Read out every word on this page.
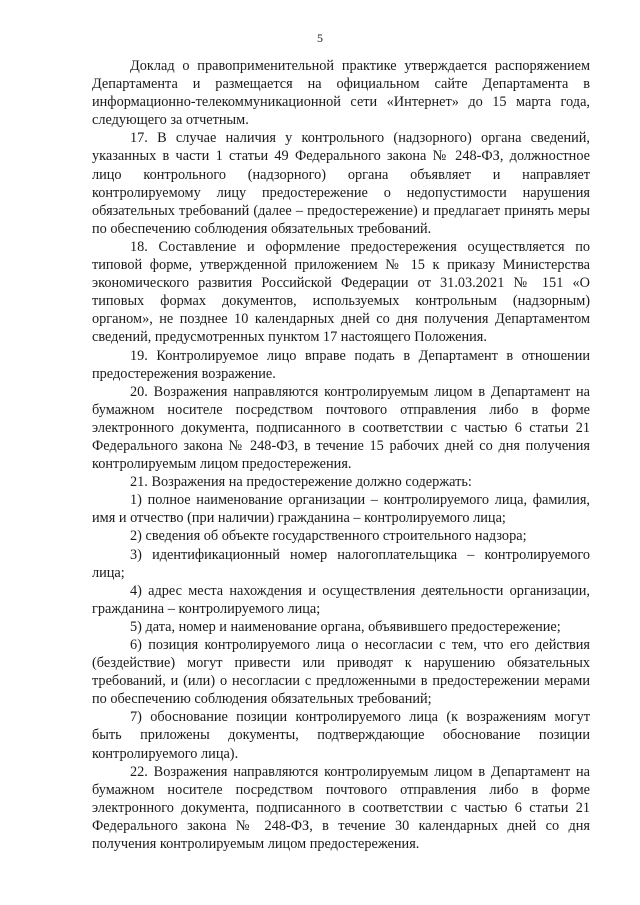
5

Доклад о правоприменительной практике утверждается распоряжением Департамента и размещается на официальном сайте Департамента в информационно-телекоммуникационной сети «Интернет» до 15 марта года, следующего за отчетным.

17. В случае наличия у контрольного (надзорного) органа сведений, указанных в части 1 статьи 49 Федерального закона № 248-ФЗ, должностное лицо контрольного (надзорного) органа объявляет и направляет контролируемому лицу предостережение о недопустимости нарушения обязательных требований (далее – предостережение) и предлагает принять меры по обеспечению соблюдения обязательных требований.

18. Составление и оформление предостережения осуществляется по типовой форме, утвержденной приложением № 15 к приказу Министерства экономического развития Российской Федерации от 31.03.2021 № 151 «О типовых формах документов, используемых контрольным (надзорным) органом», не позднее 10 календарных дней со дня получения Департаментом сведений, предусмотренных пунктом 17 настоящего Положения.

19. Контролируемое лицо вправе подать в Департамент в отношении предостережения возражение.

20. Возражения направляются контролируемым лицом в Департамент на бумажном носителе посредством почтового отправления либо в форме электронного документа, подписанного в соответствии с частью 6 статьи 21 Федерального закона № 248-ФЗ, в течение 15 рабочих дней со дня получения контролируемым лицом предостережения.

21. Возражения на предостережение должно содержать:

1) полное наименование организации – контролируемого лица, фамилия, имя и отчество (при наличии) гражданина – контролируемого лица;

2) сведения об объекте государственного строительного надзора;

3) идентификационный номер налогоплательщика – контролируемого лица;

4) адрес места нахождения и осуществления деятельности организации, гражданина – контролируемого лица;

5) дата, номер и наименование органа, объявившего предостережение;

6) позиция контролируемого лица о несогласии с тем, что его действия (бездействие) могут привести или приводят к нарушению обязательных требований, и (или) о несогласии с предложенными в предостережении мерами по обеспечению соблюдения обязательных требований;

7) обоснование позиции контролируемого лица (к возражениям могут быть приложены документы, подтверждающие обоснование позиции контролируемого лица).

22. Возражения направляются контролируемым лицом в Департамент на бумажном носителе посредством почтового отправления либо в форме электронного документа, подписанного в соответствии с частью 6 статьи 21 Федерального закона № 248-ФЗ, в течение 30 календарных дней со дня получения контролируемым лицом предостережения.
